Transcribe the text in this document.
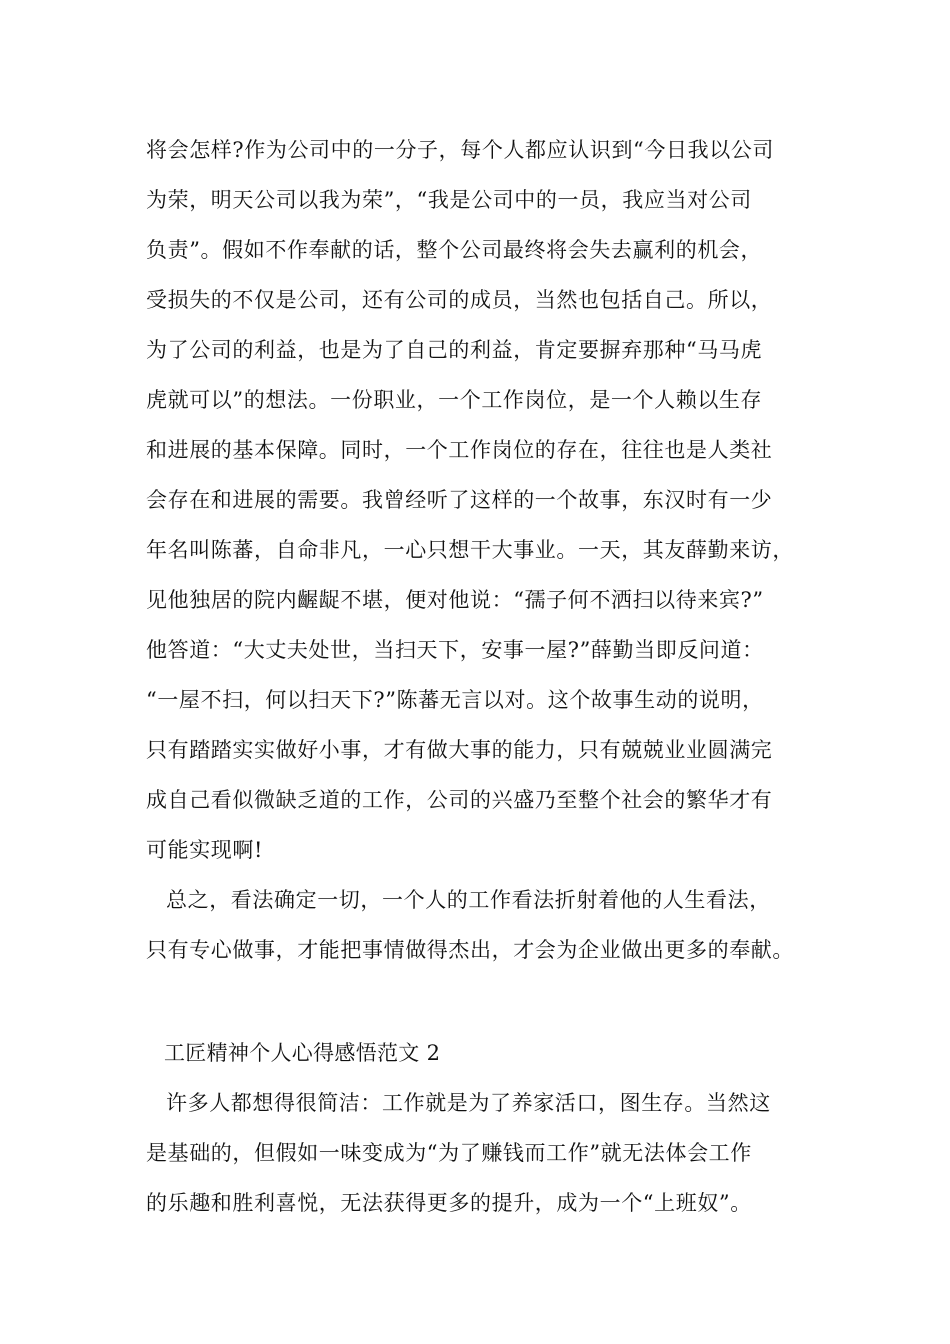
将会怎样?作为公司中的一分子，每个人都应认识到“今日我以公司
为荣，明天公司以我为荣”，“我是公司中的一员，我应当对公司
负责”。假如不作奉献的话，整个公司最终将会失去赢利的机会，
受损失的不仅是公司，还有公司的成员，当然也包括自己。所以，
为了公司的利益，也是为了自己的利益，肯定要摒弃那种“马马虎
虎就可以”的想法。一份职业，一个工作岗位，是一个人赖以生存
和进展的基本保障。同时，一个工作岗位的存在，往往也是人类社
会存在和进展的需要。我曾经听了这样的一个故事，东汉时有一少
年名叫陈蕃，自命非凡，一心只想干大事业。一天，其友薛勤来访，
见他独居的院内齷龊不堪，便对他说：“孺子何不洒扫以待来宾?”
他答道：“大丈夫处世，当扫天下，安事一屋?”薛勤当即反问道：
“一屋不扫，何以扫天下?”陈蕃无言以对。这个故事生动的说明，
只有踏踏实实做好小事，才有做大事的能力，只有兢兢业业圆满完
成自己看似微缺乏道的工作，公司的兴盛乃至整个社会的繁华才有
可能实现啊!
总之，看法确定一切，一个人的工作看法折射着他的人生看法，
只有专心做事，才能把事情做得杰出，才会为企业做出更多的奉献。
工匠精神个人心得感悟范文 2
许多人都想得很简洁：工作就是为了养家活口，图生存。当然这
是基础的，但假如一味变成为“为了赚钱而工作”就无法体会工作
的乐趣和胜利喜悦，无法获得更多的提升，成为一个“上班奴”。
